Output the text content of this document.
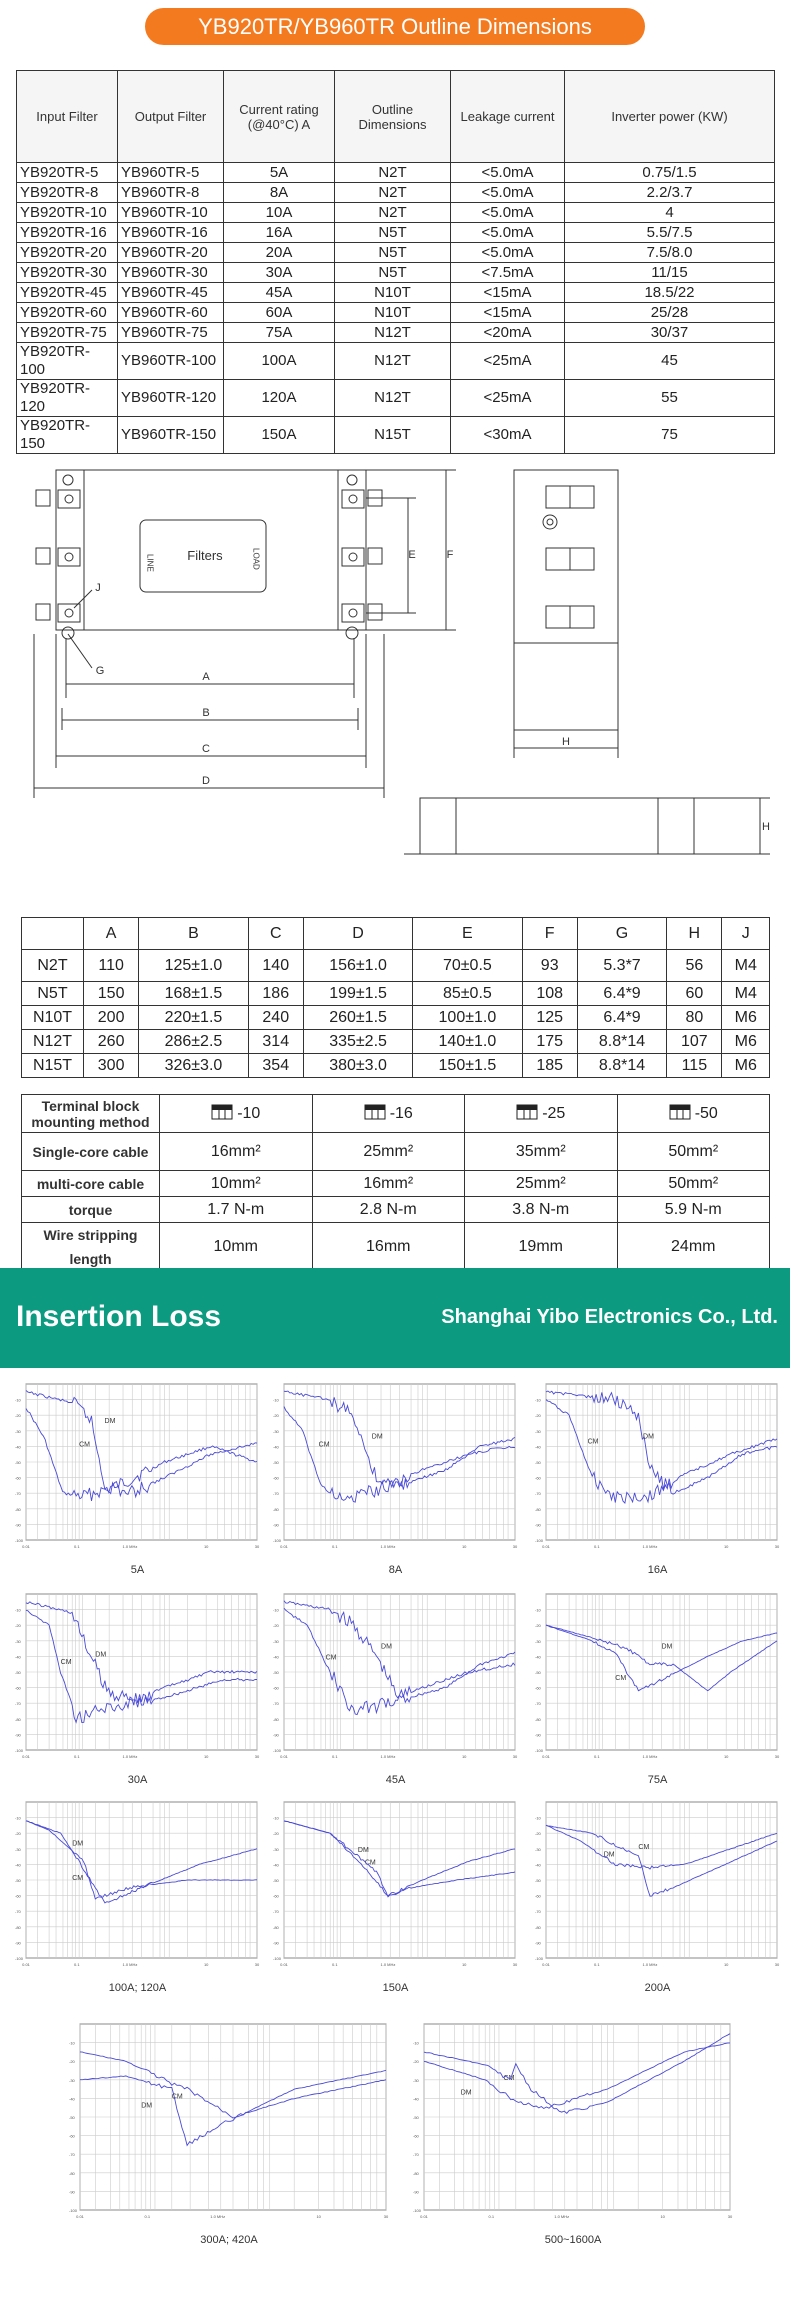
YB920TR/YB960TR Outline Dimensions
Input Filter	Output Filter	Current rating (@40°C) A	Outline Dimensions	Leakage current	Inverter power (KW)
YB920TR-5	YB960TR-5	5A	N2T	<5.0mA	0.75/1.5
YB920TR-8	YB960TR-8	8A	N2T	<5.0mA	2.2/3.7
YB920TR-10	YB960TR-10	10A	N2T	<5.0mA	4
YB920TR-16	YB960TR-16	16A	N5T	<5.0mA	5.5/7.5
YB920TR-20	YB960TR-20	20A	N5T	<5.0mA	7.5/8.0
YB920TR-30	YB960TR-30	30A	N5T	<7.5mA	11/15
YB920TR-45	YB960TR-45	45A	N10T	<15mA	18.5/22
YB920TR-60	YB960TR-60	60A	N10T	<15mA	25/28
YB920TR-75	YB960TR-75	75A	N12T	<20mA	30/37
YB920TR-100	YB960TR-100	100A	N12T	<25mA	45
YB920TR-120	YB960TR-120	120A	N12T	<25mA	55
YB920TR-150	YB960TR-150	150A	N15T	<30mA	75
Filters
LINE	LOAD
A
B
C
D
E	F
G
H
H
J
	A	B	C	D	E	F	G	H	J
N2T	110	125±1.0	140	156±1.0	70±0.5	93	5.3*7	56	M4
N5T	150	168±1.5	186	199±1.5	85±0.5	108	6.4*9	60	M4
N10T	200	220±1.5	240	260±1.5	100±1.0	125	6.4*9	80	M6
N12T	260	286±2.5	314	335±2.5	140±1.0	175	8.8*14	107	M6
N15T	300	326±3.0	354	380±3.0	150±1.5	185	8.8*14	115	M6
Terminal block mounting method	-10	-16	-25	-50
Single-core cable	16mm²	25mm²	35mm²	50mm²
multi-core cable	10mm²	16mm²	25mm²	50mm²
torque	1.7 N-m	2.8 N-m	3.8 N-m	5.9 N-m
Wire stripping length	10mm	16mm	19mm	24mm
Insertion Loss	Shanghai Yibo Electronics Co., Ltd.
CM
DM
-10
-20
-30
-40
-50
-60
-70
-80
-90
-100
0.01	0.1	1.0 MHz	10	30
5A
CM
DM
-10
-20
-30
-40
-50
-60
-70
-80
-90
-100
0.01	0.1	1.0 MHz	10	30
8A
CM
DM
-10
-20
-30
-40
-50
-60
-70
-80
-90
-100
0.01	0.1	1.0 MHz	10	30
16A
CM
DM
-10
-20
-30
-40
-50
-60
-70
-80
-90
-100
0.01	0.1	1.0 MHz	10	30
30A
CM
DM
-10
-20
-30
-40
-50
-60
-70
-80
-90
-100
0.01	0.1	1.0 MHz	10	30
45A
CM
DM
-10
-20
-30
-40
-50
-60
-70
-80
-90
-100
0.01	0.1	1.0 MHz	10	30
75A
CM
DM
-10
-20
-30
-40
-50
-60
-70
-80
-90
-100
0.01	0.1	1.0 MHz	10	30
100A; 120A
CM
DM
-10
-20
-30
-40
-50
-60
-70
-80
-90
-100
0.01	0.1	1.0 MHz	10	30
150A
CM
DM
-10
-20
-30
-40
-50
-60
-70
-80
-90
-100
0.01	0.1	1.0 MHz	10	30
200A
CM
DM
-10
-20
-30
-40
-50
-60
-70
-80
-90
-100
0.01	0.1	1.0 MHz	10	30
300A; 420A
CM
DM
-10
-20
-30
-40
-50
-60
-70
-80
-90
-100
0.01	0.1	1.0 MHz	10	30
500~1600A
